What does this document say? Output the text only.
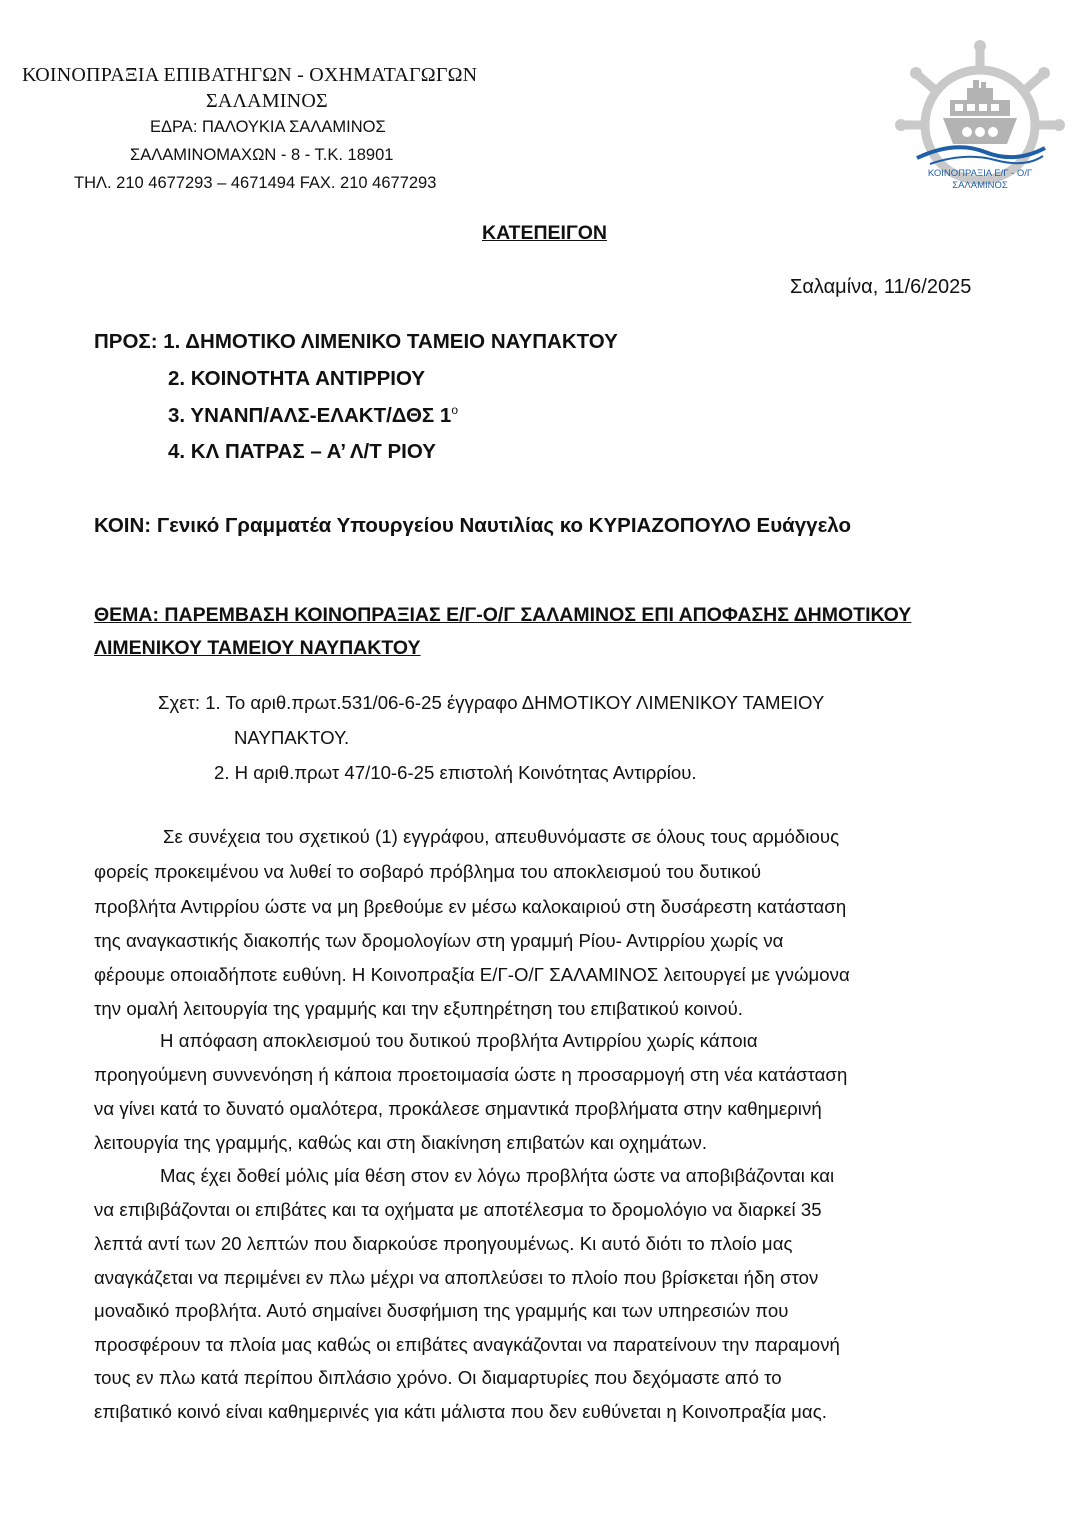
ΚΟΙΝΟΠΡΑΞΙΑ ΕΠΙΒΑΤΗΓΩΝ - ΟΧΗΜΑΤΑΓΩΓΩΝ
ΣΑΛΑΜΙΝΟΣ
ΕΔΡΑ: ΠΑΛΟΥΚΙΑ ΣΑΛΑΜΙΝΟΣ
ΣΑΛΑΜΙΝΟΜΑΧΩΝ - 8 - Τ.Κ. 18901
ΤΗΛ. 210 4677293 – 4671494 FAX. 210 4677293
ΚΟΙΝΟΠΡΑΞΙΑ Ε/Γ - Ο/Γ
ΣΑΛΑΜΙΝΟΣ
ΚΑΤΕΠΕΙΓΟΝ
Σαλαμίνα, 11/6/2025
ΠΡΟΣ: 1. ΔΗΜΟΤΙΚΟ ΛΙΜΕΝΙΚΟ ΤΑΜΕΙΟ ΝΑΥΠΑΚΤΟΥ
2. ΚΟΙΝΟΤΗΤΑ ΑΝΤΙΡΡΙΟΥ
3. ΥΝΑΝΠ/ΑΛΣ-ΕΛΑΚΤ/ΔΘΣ $1^o$
4. ΚΛ ΠΑΤΡΑΣ – Α’ Λ/Τ ΡΙΟΥ
ΚΟΙΝ: Γενικό Γραμματέα Υπουργείου Ναυτιλίας κο ΚΥΡΙΑΖΟΠΟΥΛΟ Ευάγγελο
ΘΕΜΑ: ΠΑΡΕΜΒΑΣΗ ΚΟΙΝΟΠΡΑΞΙΑΣ Ε/Γ-Ο/Γ ΣΑΛΑΜΙΝΟΣ ΕΠΙ ΑΠΟΦΑΣΗΣ ΔΗΜΟΤΙΚΟΥ
ΛΙΜΕΝΙΚΟΥ ΤΑΜΕΙΟΥ ΝΑΥΠΑΚΤΟΥ
Σχετ: 1. Το αριθ.πρωτ.531/06-6-25 έγγραφο ΔΗΜΟΤΙΚΟΥ ΛΙΜΕΝΙΚΟΥ ΤΑΜΕΙΟΥ
ΝΑΥΠΑΚΤΟΥ.
2. Η αριθ.πρωτ 47/10-6-25 επιστολή Κοινότητας Αντιρρίου.
Σε συνέχεια του σχετικού (1) εγγράφου, απευθυνόμαστε σε όλους τους αρμόδιους
φορείς προκειμένου να λυθεί το σοβαρό πρόβλημα του αποκλεισμού του δυτικού
προβλήτα Αντιρρίου ώστε να μη βρεθούμε εν μέσω καλοκαιριού στη δυσάρεστη κατάσταση
της αναγκαστικής διακοπής των δρομολογίων στη γραμμή Ρίου- Αντιρρίου χωρίς να
φέρουμε οποιαδήποτε ευθύνη. Η Κοινοπραξία Ε/Γ-Ο/Γ ΣΑΛΑΜΙΝΟΣ λειτουργεί με γνώμονα
την ομαλή λειτουργία της γραμμής και την εξυπηρέτηση του επιβατικού κοινού.
Η απόφαση αποκλεισμού του δυτικού προβλήτα Αντιρρίου χωρίς κάποια
προηγούμενη συννενόηση ή κάποια προετοιμασία ώστε η προσαρμογή στη νέα κατάσταση
να γίνει κατά το δυνατό ομαλότερα, προκάλεσε σημαντικά προβλήματα στην καθημερινή
λειτουργία της γραμμής, καθώς και στη διακίνηση επιβατών και οχημάτων.
Μας έχει δοθεί μόλις μία θέση στον εν λόγω προβλήτα ώστε να αποβιβάζονται και
να επιβιβάζονται οι επιβάτες και τα οχήματα με αποτέλεσμα το δρομολόγιο να διαρκεί 35
λεπτά αντί των 20 λεπτών που διαρκούσε προηγουμένως. Κι αυτό διότι το πλοίο μας
αναγκάζεται να περιμένει εν πλω μέχρι να αποπλεύσει το πλοίο που βρίσκεται ήδη στον
μοναδικό προβλήτα. Αυτό σημαίνει δυσφήμιση της γραμμής και των υπηρεσιών που
προσφέρουν τα πλοία μας καθώς οι επιβάτες αναγκάζονται να παρατείνουν την παραμονή
τους εν πλω κατά περίπου διπλάσιο χρόνο. Οι διαμαρτυρίες που δεχόμαστε από το
επιβατικό κοινό είναι καθημερινές για κάτι μάλιστα που δεν ευθύνεται η Κοινοπραξία μας.
